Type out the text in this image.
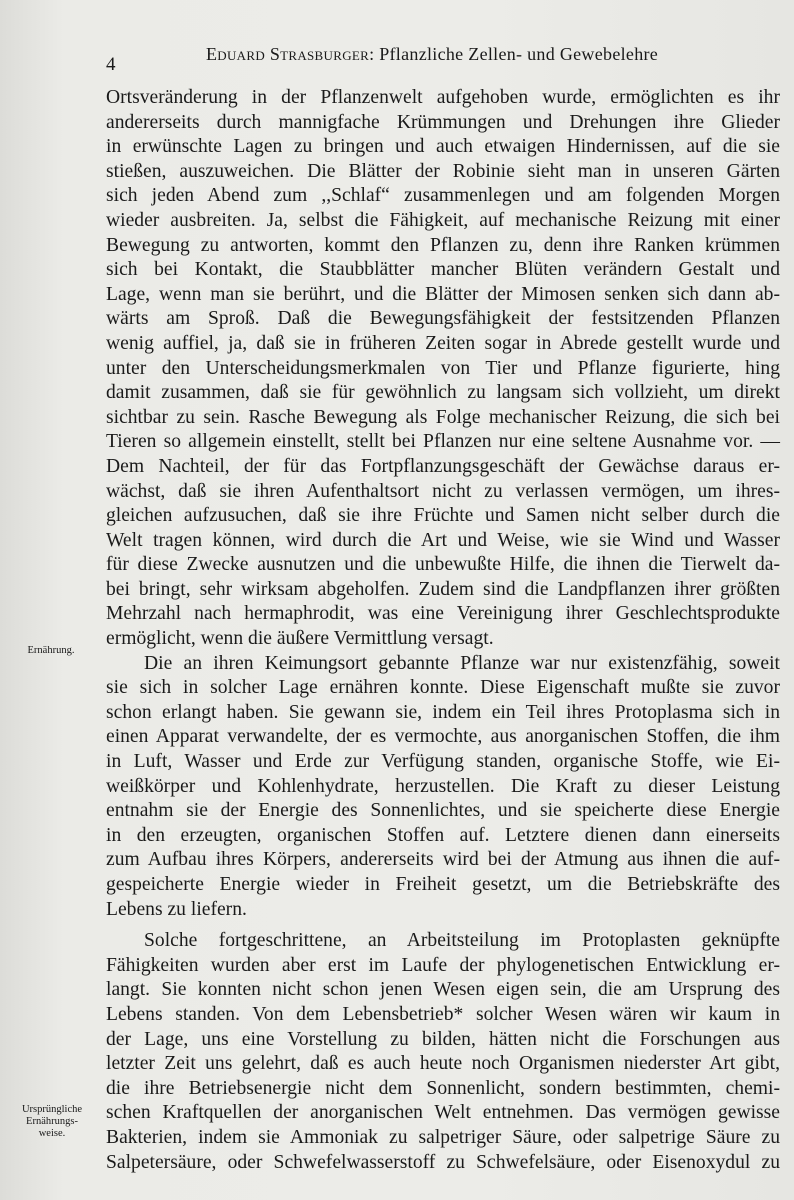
4	Eduard Strasburger: Pflanzliche Zellen- und Gewebelehre
Ernährung.
Ursprüngliche
Ernährungs-
weise.
Ortsveränderung in der Pflanzenwelt aufgehoben wurde, ermöglichten es ihr
andererseits durch mannigfache Krümmungen und Drehungen ihre Glieder
in erwünschte Lagen zu bringen und auch etwaigen Hindernissen, auf die sie
stießen, auszuweichen. Die Blätter der Robinie sieht man in unseren Gärten
sich jeden Abend zum ,,Schlaf“ zusammenlegen und am folgenden Morgen
wieder ausbreiten. Ja, selbst die Fähigkeit, auf mechanische Reizung mit einer
Bewegung zu antworten, kommt den Pflanzen zu, denn ihre Ranken krümmen
sich bei Kontakt, die Staubblätter mancher Blüten verändern Gestalt und
Lage, wenn man sie berührt, und die Blätter der Mimosen senken sich dann ab-
wärts am Sproß. Daß die Bewegungsfähigkeit der festsitzenden Pflanzen
wenig auffiel, ja, daß sie in früheren Zeiten sogar in Abrede gestellt wurde und
unter den Unterscheidungsmerkmalen von Tier und Pflanze figurierte, hing
damit zusammen, daß sie für gewöhnlich zu langsam sich vollzieht, um direkt
sichtbar zu sein. Rasche Bewegung als Folge mechanischer Reizung, die sich bei
Tieren so allgemein einstellt, stellt bei Pflanzen nur eine seltene Ausnahme vor. —
Dem Nachteil, der für das Fortpflanzungsgeschäft der Gewächse daraus er-
wächst, daß sie ihren Aufenthaltsort nicht zu verlassen vermögen, um ihres-
gleichen aufzusuchen, daß sie ihre Früchte und Samen nicht selber durch die
Welt tragen können, wird durch die Art und Weise, wie sie Wind und Wasser
für diese Zwecke ausnutzen und die unbewußte Hilfe, die ihnen die Tierwelt da-
bei bringt, sehr wirksam abgeholfen. Zudem sind die Landpflanzen ihrer größten
Mehrzahl nach hermaphrodit, was eine Vereinigung ihrer Geschlechtsprodukte
ermöglicht, wenn die äußere Vermittlung versagt.
Die an ihren Keimungsort gebannte Pflanze war nur existenzfähig, soweit
sie sich in solcher Lage ernähren konnte. Diese Eigenschaft mußte sie zuvor
schon erlangt haben. Sie gewann sie, indem ein Teil ihres Protoplasma sich in
einen Apparat verwandelte, der es vermochte, aus anorganischen Stoffen, die ihm
in Luft, Wasser und Erde zur Verfügung standen, organische Stoffe, wie Ei-
weißkörper und Kohlenhydrate, herzustellen. Die Kraft zu dieser Leistung
entnahm sie der Energie des Sonnenlichtes, und sie speicherte diese Energie
in den erzeugten, organischen Stoffen auf. Letztere dienen dann einerseits
zum Aufbau ihres Körpers, andererseits wird bei der Atmung aus ihnen die auf-
gespeicherte Energie wieder in Freiheit gesetzt, um die Betriebskräfte des
Lebens zu liefern.
Solche fortgeschrittene, an Arbeitsteilung im Protoplasten geknüpfte
Fähigkeiten wurden aber erst im Laufe der phylogenetischen Entwicklung er-
langt. Sie konnten nicht schon jenen Wesen eigen sein, die am Ursprung des
Lebens standen. Von dem Lebensbetrieb* solcher Wesen wären wir kaum in
der Lage, uns eine Vorstellung zu bilden, hätten nicht die Forschungen aus
letzter Zeit uns gelehrt, daß es auch heute noch Organismen niederster Art gibt,
die ihre Betriebsenergie nicht dem Sonnenlicht, sondern bestimmten, chemi-
schen Kraftquellen der anorganischen Welt entnehmen. Das vermögen gewisse
Bakterien, indem sie Ammoniak zu salpetriger Säure, oder salpetrige Säure zu
Salpetersäure, oder Schwefelwasserstoff zu Schwefelsäure, oder Eisenoxydul zu
